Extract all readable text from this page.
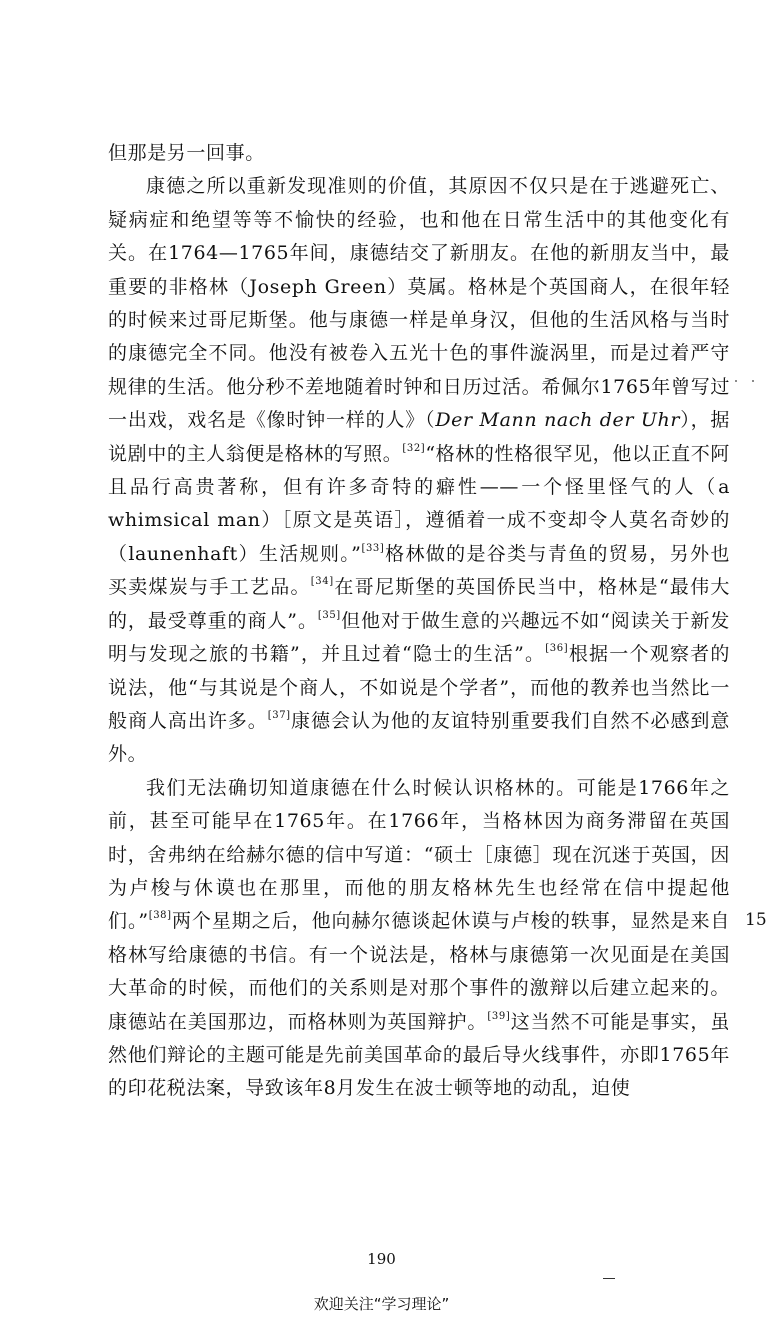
但那是另一回事。

康德之所以重新发现准则的价值，其原因不仅只是在于逃避死亡、疑病症和绝望等等不愉快的经验，也和他在日常生活中的其他变化有关。在1764—1765年间，康德结交了新朋友。在他的新朋友当中，最重要的非格林（Joseph Green）莫属。格林是个英国商人，在很年轻的时候来过哥尼斯堡。他与康德一样是单身汉，但他的生活风格与当时的康德完全不同。他没有被卷入五光十色的事件漩涡里，而是过着严守规律的生活。他分秒不差地随着时钟和日历过活。希佩尔1765年曾写过一出戏，戏名是《像时钟一样的人》（Der Mann nach der Uhr），据说剧中的主人翁便是格林的写照。[32]“格林的性格很罕见，他以正直不阿且品行高贵著称，但有许多奇特的癖性——一个怪里怪气的人（a whimsical man）［原文是英语］，遵循着一成不变却令人莫名奇妙的（launenhaft）生活规则。”[33]格林做的是谷类与青鱼的贸易，另外也买卖煤炭与手工艺品。[34]在哥尼斯堡的英国侨民当中，格林是“最伟大的，最受尊重的商人”。[35]但他对于做生意的兴趣远不如“阅读关于新发明与发现之旅的书籍”，并且过着“隐士的生活”。[36]根据一个观察者的说法，他“与其说是个商人，不如说是个学者”，而他的教养也当然比一般商人高出许多。[37]康德会认为他的友谊特别重要我们自然不必感到意外。

我们无法确切知道康德在什么时候认识格林的。可能是1766年之前，甚至可能早在1765年。在1766年，当格林因为商务滞留在英国时，舍弗纳在给赫尔德的信中写道：“硕士［康德］现在沉迷于英国，因为卢梭与休谟也在那里，而他的朋友格林先生也经常在信中提起他们。”[38]两个星期之后，他向赫尔德谈起休谟与卢梭的轶事，显然是来自格林写给康德的书信。有一个说法是，格林与康德第一次见面是在美国大革命的时候，而他们的关系则是对那个事件的激辩以后建立起来的。康德站在美国那边，而格林则为英国辩护。[39]这当然不可能是事实，虽然他们辩论的主题可能是先前美国革命的最后导火线事件，亦即1765年的印花税法案，导致该年8月发生在波士顿等地的动乱，迫使

15
190
欢迎关注“学习理论”
